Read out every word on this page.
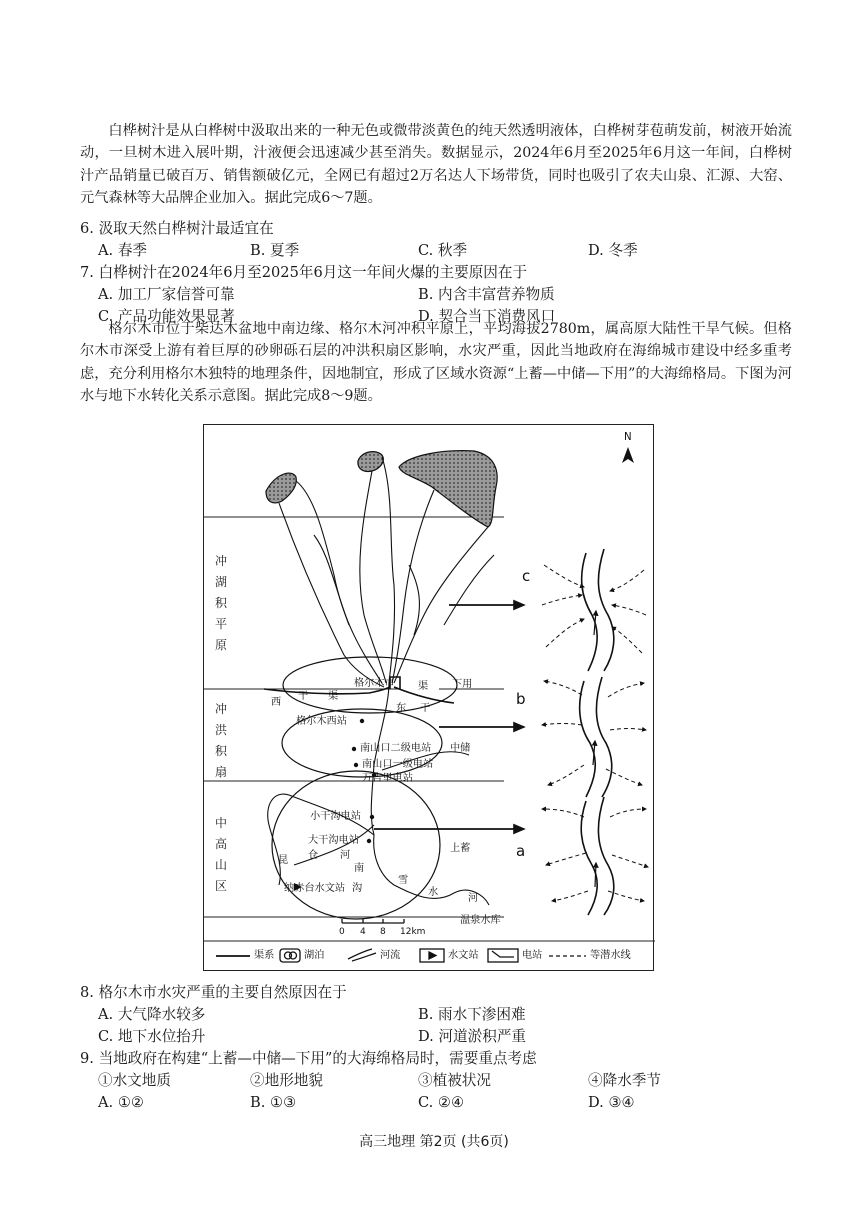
白桦树汁是从白桦树中汲取出来的一种无色或微带淡黄色的纯天然透明液体，白桦树芽苞萌发前，树液开始流动，一旦树木进入展叶期，汁液便会迅速减少甚至消失。数据显示，2024年6月至2025年6月这一年间，白桦树汁产品销量已破百万、销售额破亿元，全网已有超过2万名达人下场带货，同时也吸引了农夫山泉、汇源、大窑、元气森林等大品牌企业加入。据此完成6～7题。

6. 汲取天然白桦树汁最适宜在

A. 春季	B. 夏季	C. 秋季	D. 冬季

7. 白桦树汁在2024年6月至2025年6月这一年间火爆的主要原因在于

A. 加工厂家信誉可靠	B. 内含丰富营养物质
C. 产品功能效果显著	D. 契合当下消费风口

格尔木市位于柴达木盆地中南边缘、格尔木河冲积平原上，平均海拔2780m，属高原大陆性干旱气候。但格尔木市深受上游有着巨厚的砂卵砾石层的冲洪积扇区影响，水灾严重，因此当地政府在海绵城市建设中经多重考虑，充分利用格尔木独特的地理条件，因地制宜，形成了区域水资源“上蓄—中储—下用”的大海绵格局。下图为河水与地下水转化关系示意图。据此完成8～9题。

N
冲湖积平原
冲洪积扇
中高山区
格尔木市
西
干 渠
东 干
渠 下用
中储
上蓄
格尔木西站
南山口二级电站
南山口一级电站
万吉里电站
小干沟电站
大干沟电站
仓 河
南
沟
昆
雪
水
河
纳赤台水文站
温泉水库
0 4 8 12km
c
b
a
渠系	湖泊	河流	水文站	电站	等潜水线

8. 格尔木市水灾严重的主要自然原因在于

A. 大气降水较多	B. 雨水下渗困难
C. 地下水位抬升	D. 河道淤积严重

9. 当地政府在构建“上蓄—中储—下用”的大海绵格局时，需要重点考虑

①水文地质	②地形地貌	③植被状况	④降水季节
A. ①②	B. ①③	C. ②④	D. ③④
高三地理 第2页 (共6页)
